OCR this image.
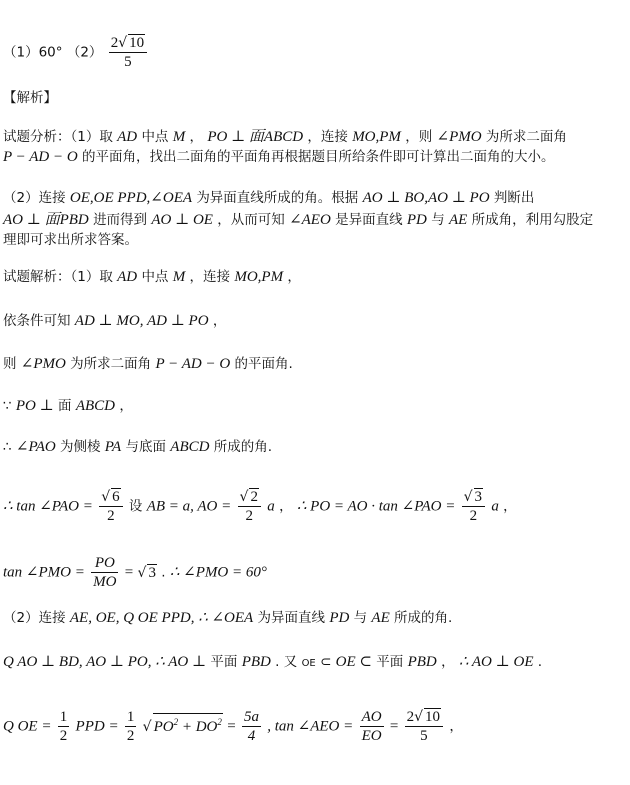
（1）60° $(2) \frac{2√ 10}{5}$
【解析】
试题分析：（1）取 AD 中点 M ， PO ⊥ 面ABCD ，连接 MO,PM ，则 ∠PMO 为所求二面角
P − AD − O 的平面角，找出二面角的平面角再根据题目所给条件即可计算出二面角的大小。
（2）连接 OE,OE PPD,∠OEA 为异面直线所成的角。根据 AO ⊥ BO,AO ⊥ PO 判断出
AO ⊥ 面PBD 进而得到 AO ⊥ OE ，从而可知 ∠AEO 是异面直线 PD 与 AE 所成角，利用勾股定
理即可求出所求答案。
试题解析：（1）取 AD 中点 M ，连接 MO,PM ，
依条件可知 AD ⊥ MO, AD ⊥ PO ，
则 ∠PMO 为所求二面角 P − AD − O 的平面角.
∵ PO ⊥ 面 ABCD ，
∴ ∠PAO 为侧棱 PA 与底面 ABCD 所成的角.
∴ tan ∠PAO = $\frac{√ 6}{2}$ 设 AB = a, AO = $\frac{√ 2}{2}$ a ， ∴ PO = AO · tan ∠PAO = $\frac{√ 3}{2}$ a ，
tan ∠PMO = $\frac{PO}{MO}$ = √ 3 . ∴ ∠PMO = 60°
（2）连接 AE, OE, Q OE PPD, ∴ ∠OEA 为异面直线 PD 与 AE 所成的角.
Q AO ⊥ BD, AO ⊥ PO, ∴ AO ⊥ 平面 PBD . 又 OE ⊂ OE ⊂ 平面 PBD ， ∴ AO ⊥ OE .
Q OE = $\frac{1}{2}$ PPD = $\frac{1}{2}$ √ $PO^2 + DO^2 = \frac{5a}{4}$ , tan ∠AEO = $\frac{AO}{EO} = \frac{2√ 10}{5}$ ，
